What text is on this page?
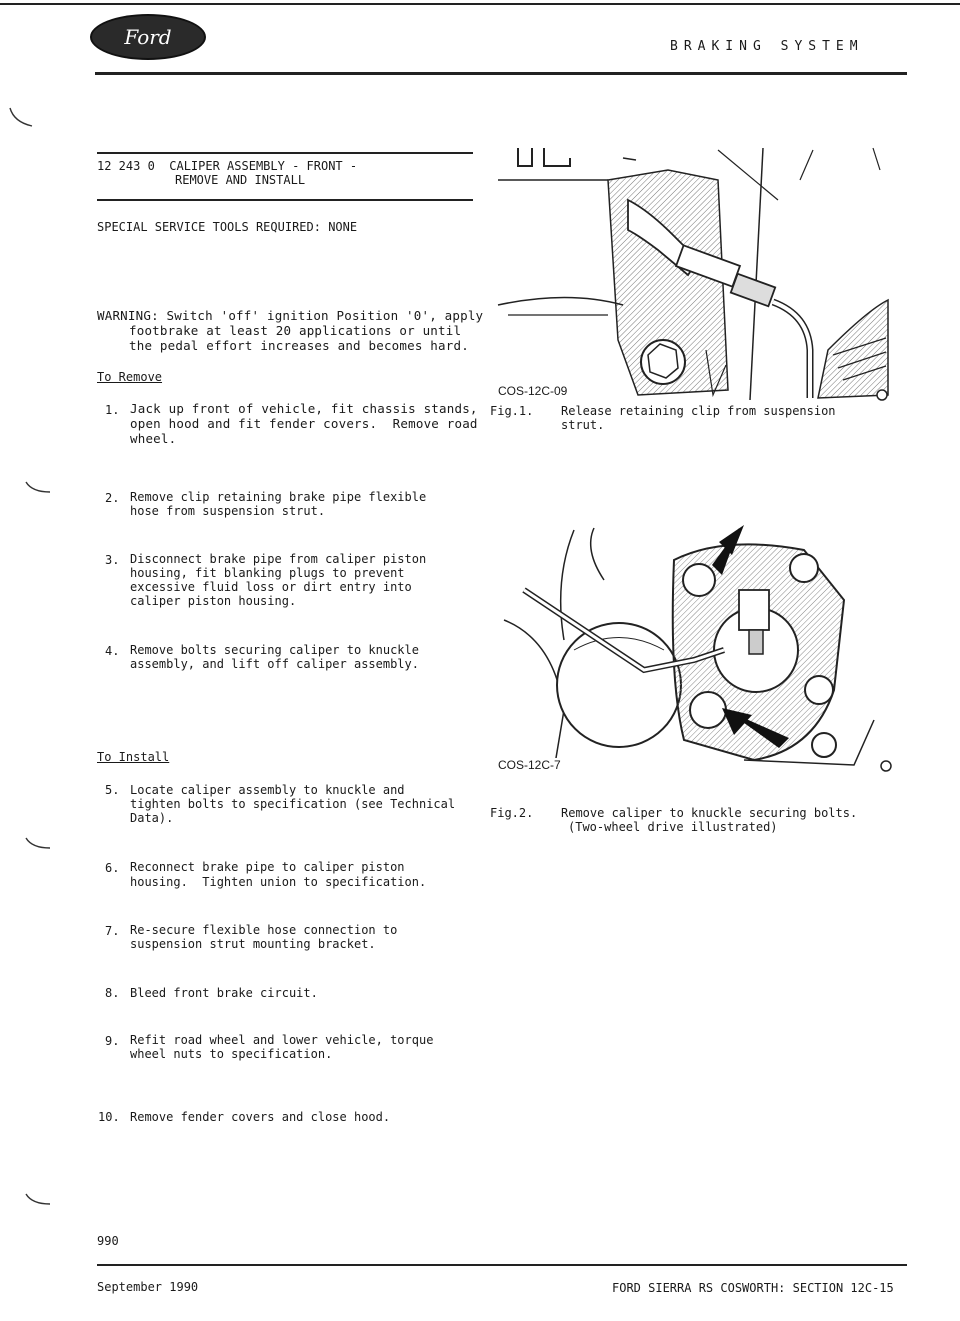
Ford	BRAKING SYSTEM
12 243 0  CALIPER ASSEMBLY - FRONT -
REMOVE AND INSTALL
SPECIAL SERVICE TOOLS REQUIRED: NONE
WARNING: Switch 'off' ignition Position '0', apply
footbrake at least 20 applications or until
the pedal effort increases and becomes hard.
To Remove
1. Jack up front of vehicle, fit chassis stands,
open hood and fit fender covers.  Remove road
wheel.
2. Remove clip retaining brake pipe flexible
hose from suspension strut.
3. Disconnect brake pipe from caliper piston
housing, fit blanking plugs to prevent
excessive fluid loss or dirt entry into
caliper piston housing.
4. Remove bolts securing caliper to knuckle
assembly, and lift off caliper assembly.
To Install
5. Locate caliper assembly to knuckle and
tighten bolts to specification (see Technical
Data).
6. Reconnect brake pipe to caliper piston
housing.  Tighten union to specification.
7. Re-secure flexible hose connection to
suspension strut mounting bracket.
8. Bleed front brake circuit.
9. Refit road wheel and lower vehicle, torque
wheel nuts to specification.
10. Remove fender covers and close hood.
COS-12C-09
Fig.1. Release retaining clip from suspension
strut.
COS-12C-7
Fig.2. Remove caliper to knuckle securing bolts.
(Two-wheel drive illustrated)
990
September 1990	FORD SIERRA RS COSWORTH: SECTION 12C-15
